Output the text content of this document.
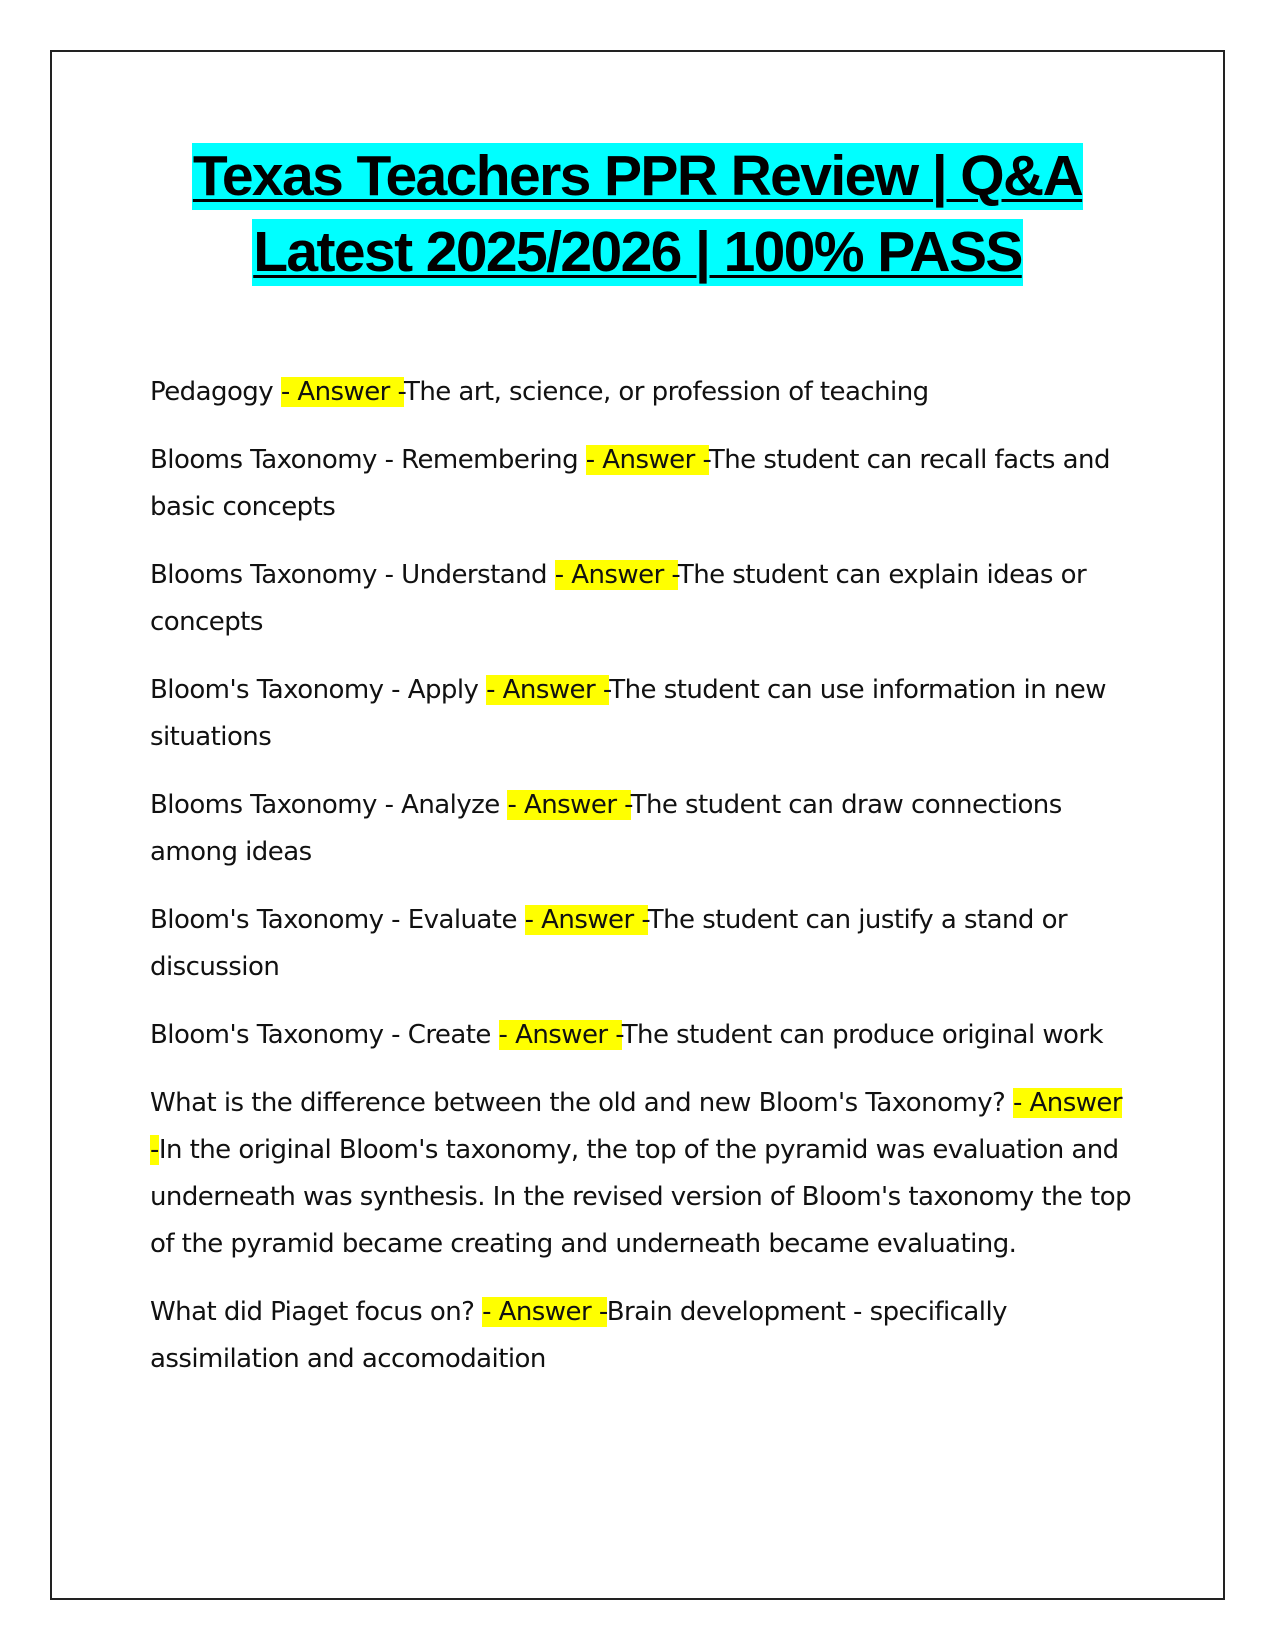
Texas Teachers PPR Review | Q&A
Latest 2025/2026 | 100% PASS

Pedagogy - Answer -The art, science, or profession of teaching

Blooms Taxonomy - Remembering - Answer -The student can recall facts and basic concepts

Blooms Taxonomy - Understand - Answer -The student can explain ideas or concepts

Bloom's Taxonomy - Apply - Answer -The student can use information in new situations

Blooms Taxonomy - Analyze - Answer -The student can draw connections among ideas

Bloom's Taxonomy - Evaluate - Answer -The student can justify a stand or discussion

Bloom's Taxonomy - Create - Answer -The student can produce original work

What is the difference between the old and new Bloom's Taxonomy? - Answer -In the original Bloom's taxonomy, the top of the pyramid was evaluation and underneath was synthesis. In the revised version of Bloom's taxonomy the top of the pyramid became creating and underneath became evaluating.

What did Piaget focus on? - Answer -Brain development - specifically assimilation and accomodaition
